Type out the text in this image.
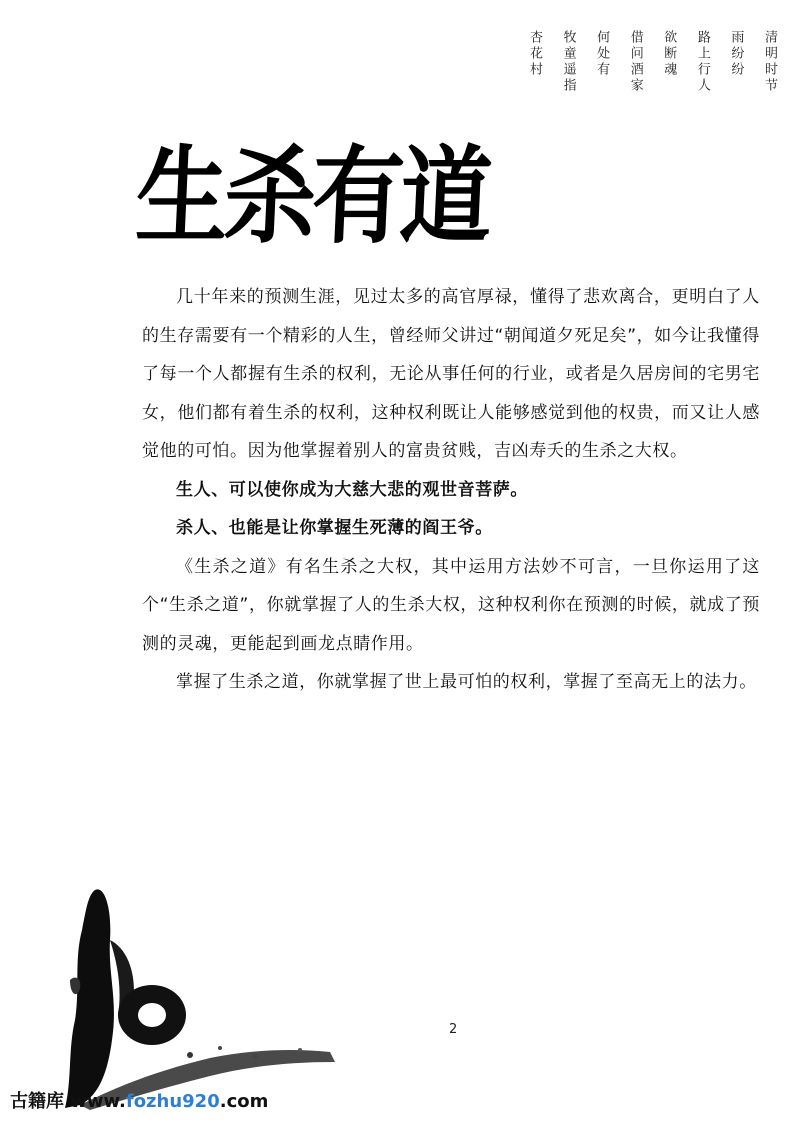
清明时节
雨纷纷
路上行人
欲断魂
借问酒家
何处有
牧童遥指
杏花村
生杀有道

几十年来的预测生涯，见过太多的高官厚禄，懂得了悲欢离合，更明白了人的生存需要有一个精彩的人生，曾经师父讲过“朝闻道夕死足矣”，如今让我懂得了每一个人都握有生杀的权利，无论从事任何的行业，或者是久居房间的宅男宅女，他们都有着生杀的权利，这种权利既让人能够感觉到他的权贵，而又让人感觉他的可怕。因为他掌握着别人的富贵贫贱，吉凶寿夭的生杀之大权。

生人、可以使你成为大慈大悲的观世音菩萨。

杀人、也能是让你掌握生死薄的阎王爷。

《生杀之道》有名生杀之大权，其中运用方法妙不可言，一旦你运用了这个“生杀之道”，你就掌握了人的生杀大权，这种权利你在预测的时候，就成了预测的灵魂，更能起到画龙点睛作用。

掌握了生杀之道，你就掌握了世上最可怕的权利，掌握了至高无上的法力。

2
古籍库 www.fozhu920.com
